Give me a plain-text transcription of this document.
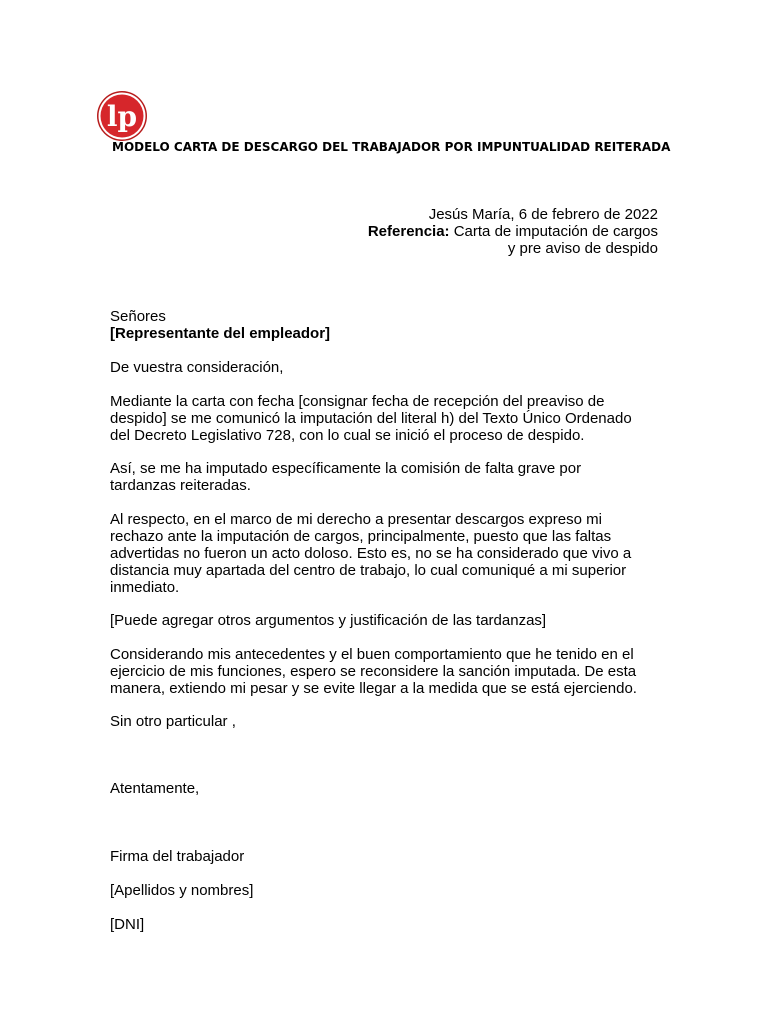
lp
MODELO CARTA DE DESCARGO DEL TRABAJADOR POR IMPUNTUALIDAD REITERADA
Jesús María, 6 de febrero de 2022
Referencia: Carta de imputación de cargos
y pre aviso de despido
Señores
[Representante del empleador]
De vuestra consideración,
Mediante la carta con fecha [consignar fecha de recepción del preaviso de
despido] se me comunicó la imputación del literal h) del Texto Único Ordenado
del Decreto Legislativo 728, con lo cual se inició el proceso de despido.
Así, se me ha imputado específicamente la comisión de falta grave por
tardanzas reiteradas.
Al respecto, en el marco de mi derecho a presentar descargos expreso mi
rechazo ante la imputación de cargos, principalmente, puesto que las faltas
advertidas no fueron un acto doloso. Esto es, no se ha considerado que vivo a
distancia muy apartada del centro de trabajo, lo cual comuniqué a mi superior
inmediato.
[Puede agregar otros argumentos y justificación de las tardanzas]
Considerando mis antecedentes y el buen comportamiento que he tenido en el
ejercicio de mis funciones, espero se reconsidere la sanción imputada. De esta
manera, extiendo mi pesar y se evite llegar a la medida que se está ejerciendo.
Sin otro particular ,
Atentamente,
Firma del trabajador
[Apellidos y nombres]
[DNI]
